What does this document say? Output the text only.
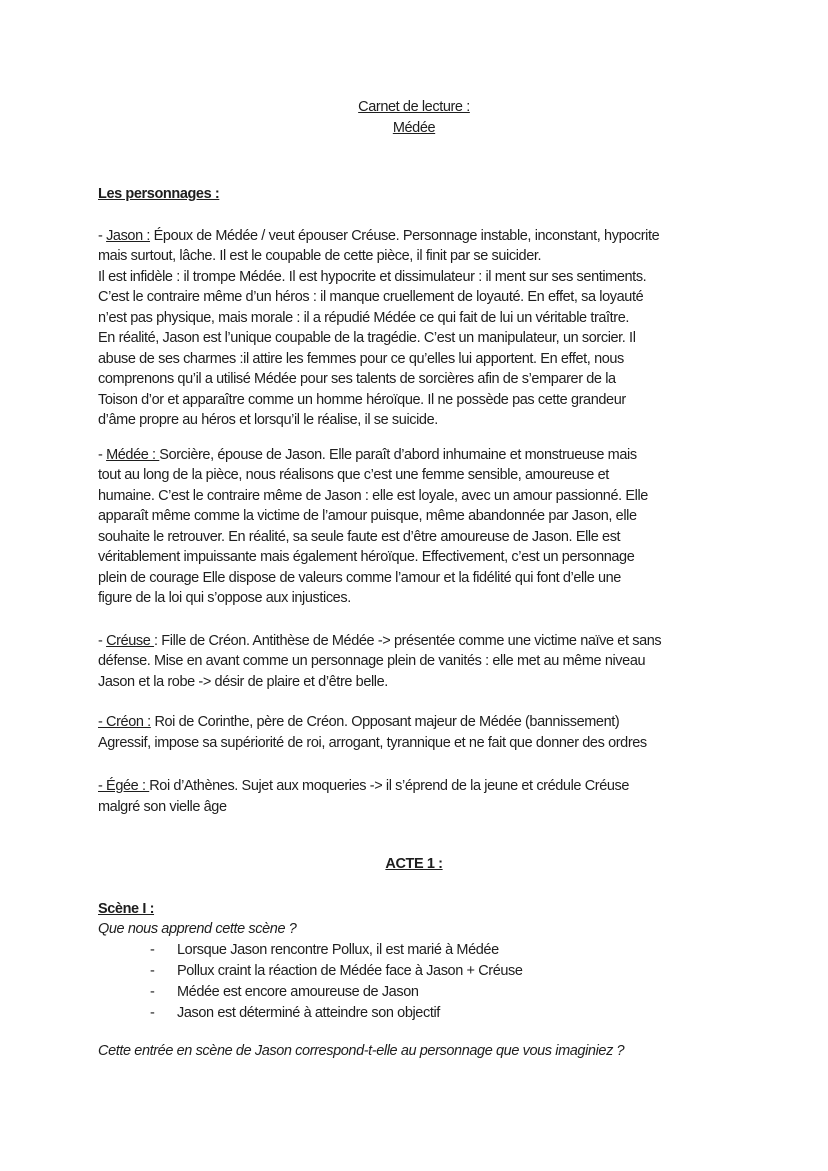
Carnet de lecture :
Médée
Les personnages :
- Jason : Époux de Médée / veut épouser Créuse. Personnage instable, inconstant, hypocrite
mais surtout, lâche. Il est le coupable de cette pièce, il finit par se suicider.
Il est infidèle : il trompe Médée. Il est hypocrite et dissimulateur : il ment sur ses sentiments.
C’est le contraire même d’un héros : il manque cruellement de loyauté. En effet, sa loyauté
n’est pas physique, mais morale : il a répudié Médée ce qui fait de lui un véritable traître.
En réalité, Jason est l’unique coupable de la tragédie. C’est un manipulateur, un sorcier. Il
abuse de ses charmes :il attire les femmes pour ce qu’elles lui apportent. En effet, nous
comprenons qu’il a utilisé Médée pour ses talents de sorcières afin de s’emparer de la
Toison d’or et apparaître comme un homme héroïque. Il ne possède pas cette grandeur
d’âme propre au héros et lorsqu’il le réalise, il se suicide.
- Médée : Sorcière, épouse de Jason. Elle paraît d’abord inhumaine et monstrueuse mais
tout au long de la pièce, nous réalisons que c’est une femme sensible, amoureuse et
humaine. C’est le contraire même de Jason : elle est loyale, avec un amour passionné. Elle
apparaît même comme la victime de l’amour puisque, même abandonnée par Jason, elle
souhaite le retrouver. En réalité, sa seule faute est d’être amoureuse de Jason. Elle est
véritablement impuissante mais également héroïque. Effectivement, c’est un personnage
plein de courage Elle dispose de valeurs comme l’amour et la fidélité qui font d’elle une
figure de la loi qui s’oppose aux injustices.
- Créuse : Fille de Créon. Antithèse de Médée -> présentée comme une victime naïve et sans
défense. Mise en avant comme un personnage plein de vanités : elle met au même niveau
Jason et la robe -> désir de plaire et d’être belle.
- Créon : Roi de Corinthe, père de Créon. Opposant majeur de Médée (bannissement)
Agressif, impose sa supériorité de roi, arrogant, tyrannique et ne fait que donner des ordres
- Égée : Roi d’Athènes. Sujet aux moqueries -> il s’éprend de la jeune et crédule Créuse
malgré son vielle âge
ACTE 1 :
Scène I :
Que nous apprend cette scène ?
-	Lorsque Jason rencontre Pollux, il est marié à Médée
-	Pollux craint la réaction de Médée face à Jason + Créuse
-	Médée est encore amoureuse de Jason
-	Jason est déterminé à atteindre son objectif
Cette entrée en scène de Jason correspond-t-elle au personnage que vous imaginiez ?
